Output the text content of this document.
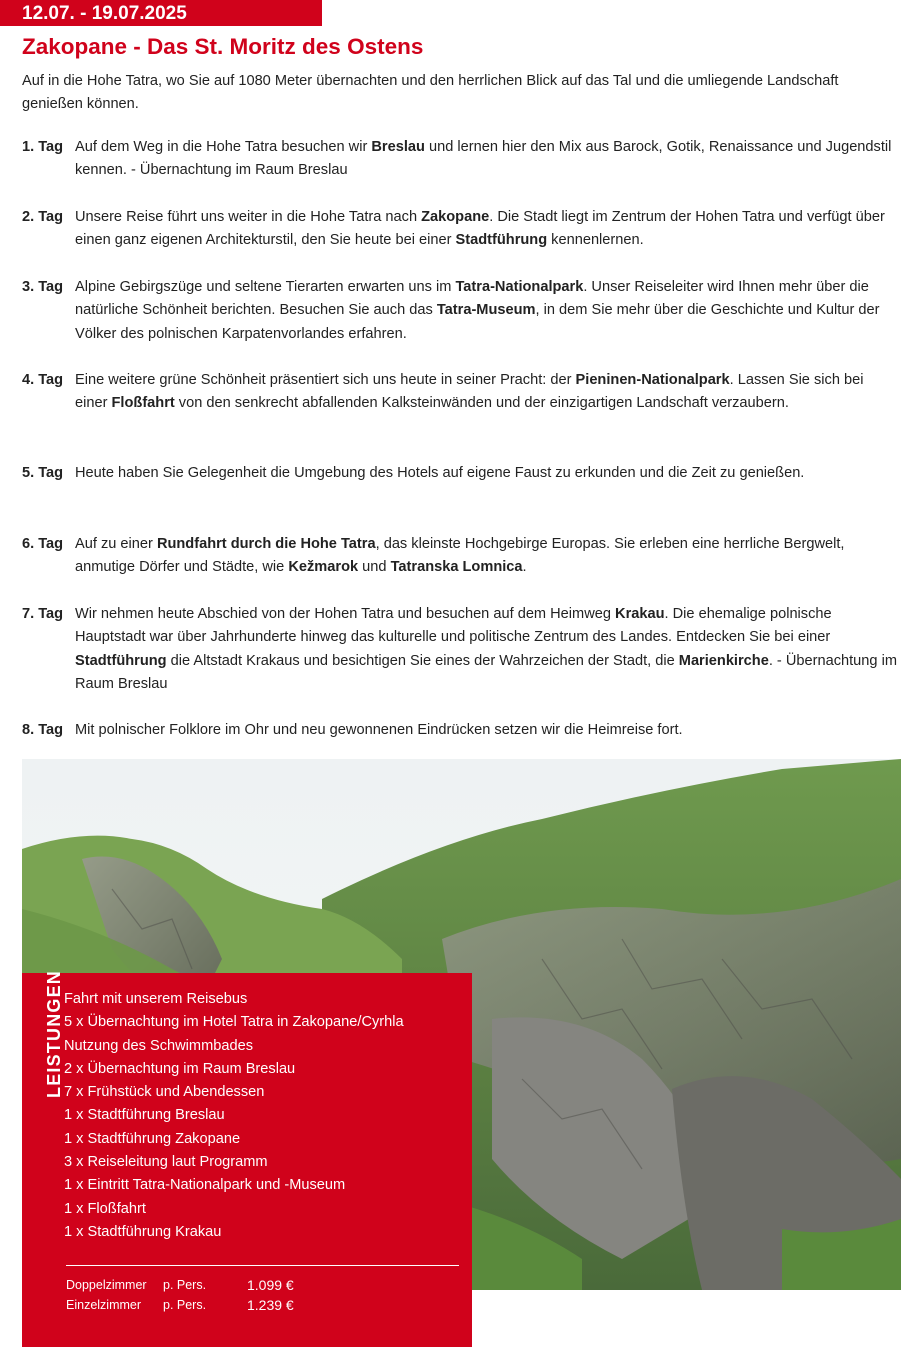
12.07. - 19.07.2025
Zakopane - Das St. Moritz des Ostens

Auf in die Hohe Tatra, wo Sie auf 1080 Meter übernachten und den herrlichen Blick auf das Tal und die umliegende Landschaft genießen können.

1. Tag Auf dem Weg in die Hohe Tatra besuchen wir Breslau und lernen hier den Mix aus Barock, Gotik, Renaissance und Jugendstil kennen. - Übernachtung im Raum Breslau
2. Tag Unsere Reise führt uns weiter in die Hohe Tatra nach Zakopane. Die Stadt liegt im Zentrum der Hohen Tatra und verfügt über einen ganz eigenen Architekturstil, den Sie heute bei einer Stadtführung kennenlernen.
3. Tag Alpine Gebirgszüge und seltene Tierarten erwarten uns im Tatra-Nationalpark. Unser Reiseleiter wird Ihnen mehr über die natürliche Schönheit berichten. Besuchen Sie auch das Tatra-Museum, in dem Sie mehr über die Geschichte und Kultur der Völker des polnischen Karpatenvorlandes erfahren.
4. Tag Eine weitere grüne Schönheit präsentiert sich uns heute in seiner Pracht: der Pieninen-Nationalpark. Lassen Sie sich bei einer Floßfahrt von den senkrecht abfallenden Kalksteinwänden und der einzigartigen Landschaft verzaubern.
5. Tag Heute haben Sie Gelegenheit die Umgebung des Hotels auf eigene Faust zu erkunden und die Zeit zu genießen.
6. Tag Auf zu einer Rundfahrt durch die Hohe Tatra, das kleinste Hochgebirge Europas. Sie erleben eine herrliche Bergwelt, anmutige Dörfer und Städte, wie Kežmarok und Tatranska Lomnica.
7. Tag Wir nehmen heute Abschied von der Hohen Tatra und besuchen auf dem Heimweg Krakau. Die ehemalige polnische Hauptstadt war über Jahrhunderte hinweg das kulturelle und politische Zentrum des Landes. Entdecken Sie bei einer Stadtführung die Altstadt Krakaus und besichtigen Sie eines der Wahrzeichen der Stadt, die Marienkirche. - Übernachtung im Raum Breslau
8. Tag Mit polnischer Folklore im Ohr und neu gewonnenen Eindrücken setzen wir die Heimreise fort.
LEISTUNGEN Fahrt mit unserem Reisebus
5 x Übernachtung im Hotel Tatra in Zakopane/Cyrhla
Nutzung des Schwimmbades
2 x Übernachtung im Raum Breslau
7 x Frühstück und Abendessen
1 x Stadtführung Breslau
1 x Stadtführung Zakopane
3 x Reiseleitung laut Programm
1 x Eintritt Tatra-Nationalpark und -Museum
1 x Floßfahrt
1 x Stadtführung Krakau
Doppelzimmer p. Pers.	1.099 €
Einzelzimmer p. Pers.	1.239 €
